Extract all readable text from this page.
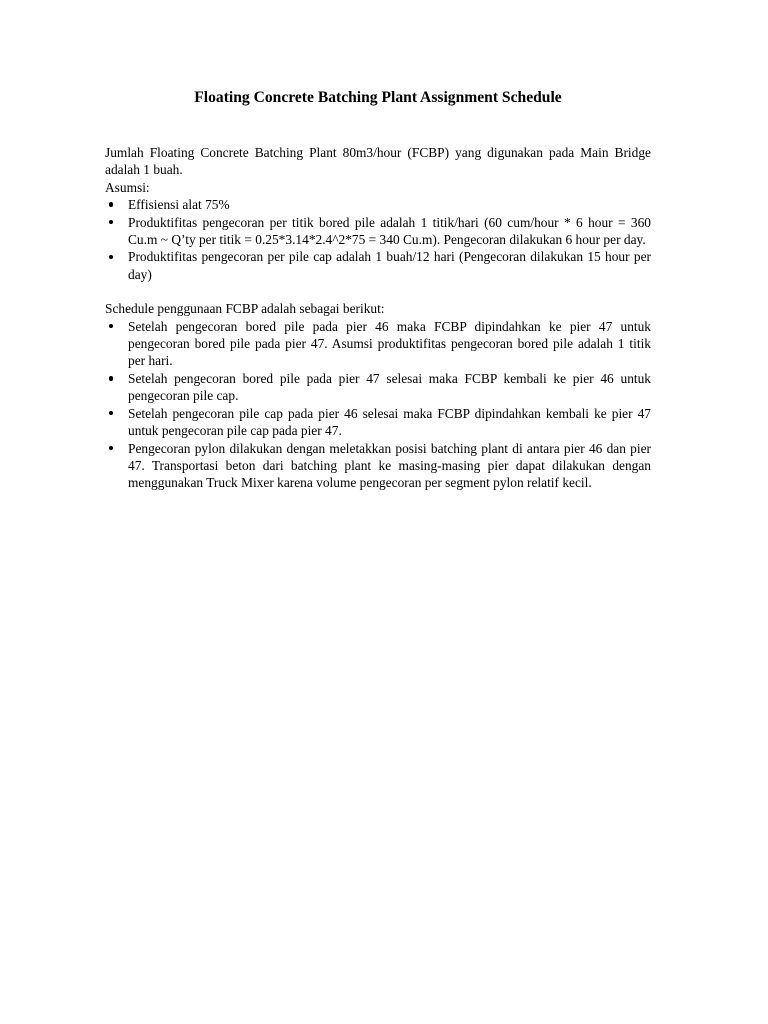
Floating Concrete Batching Plant Assignment Schedule

Jumlah Floating Concrete Batching Plant 80m3/hour (FCBP) yang digunakan pada Main Bridge adalah 1 buah.

Asumsi:

Effisiensi alat 75%
Produktifitas pengecoran per titik bored pile adalah 1 titik/hari (60 cum/hour * 6 hour = 360 Cu.m ~ Q’ty per titik = 0.25*3.14*2.4^2*75 = 340 Cu.m). Pengecoran dilakukan 6 hour per day.
Produktifitas pengecoran per pile cap adalah 1 buah/12 hari (Pengecoran dilakukan 15 hour per day)

Schedule penggunaan FCBP adalah sebagai berikut:

Setelah pengecoran bored pile pada pier 46 maka FCBP dipindahkan ke pier 47 untuk pengecoran bored pile pada pier 47. Asumsi produktifitas pengecoran bored pile adalah 1 titik per hari.
Setelah pengecoran bored pile pada pier 47 selesai maka FCBP kembali ke pier 46 untuk pengecoran pile cap.
Setelah pengecoran pile cap pada pier 46 selesai maka FCBP dipindahkan kembali ke pier 47 untuk pengecoran pile cap pada pier 47.
Pengecoran pylon dilakukan dengan meletakkan posisi batching plant di antara pier 46 dan pier 47. Transportasi beton dari batching plant ke masing-masing pier dapat dilakukan dengan menggunakan Truck Mixer karena volume pengecoran per segment pylon relatif kecil.
